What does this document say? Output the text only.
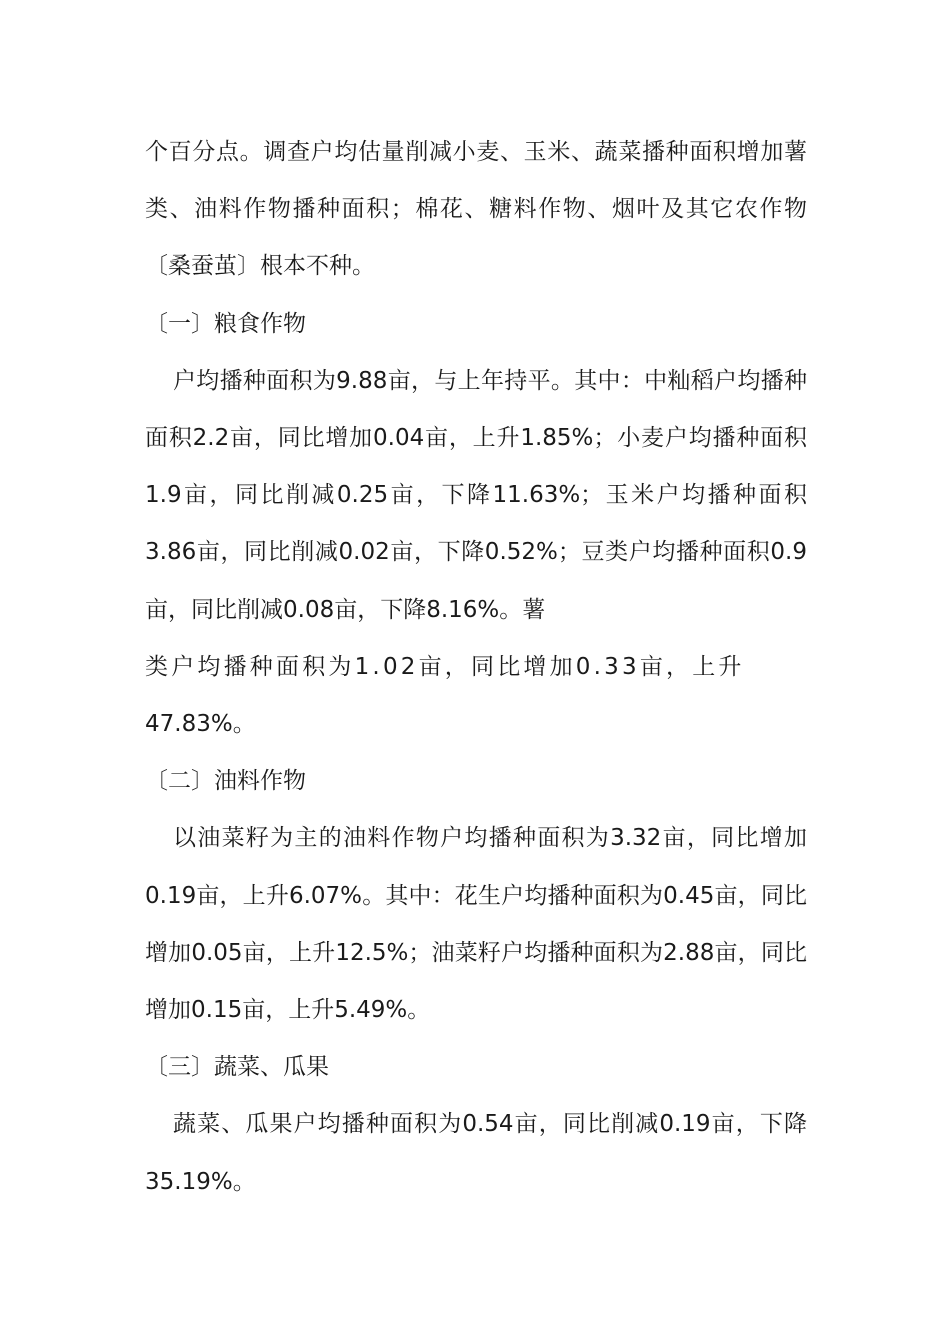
个百分点。调查户均估量削减小麦、玉米、蔬菜播种面积增加薯类、油料作物播种面积；棉花、糖料作物、烟叶及其它农作物〔桑蚕茧〕根本不种。

〔一〕粮食作物

户均播种面积为9.88亩，与上年持平。其中：中籼稻户均播种面积2.2亩，同比增加0.04亩，上升1.85%；小麦户均播种面积1.9亩，同比削减0.25亩，下降11.63%；玉米户均播种面积3.86亩，同比削减0.02亩，下降0.52%；豆类户均播种面积0.9亩，同比削减0.08亩，下降8.16%。薯

类户均播种面积为1.02亩，同比增加0.33亩，上升

47.83%。

〔二〕油料作物

以油菜籽为主的油料作物户均播种面积为3.32亩，同比增加0.19亩，上升6.07%。其中：花生户均播种面积为0.45亩，同比增加0.05亩，上升12.5%；油菜籽户均播种面积为2.88亩，同比增加0.15亩，上升5.49%。

〔三〕蔬菜、瓜果

蔬菜、瓜果户均播种面积为0.54亩，同比削减0.19亩，下降35.19%。
